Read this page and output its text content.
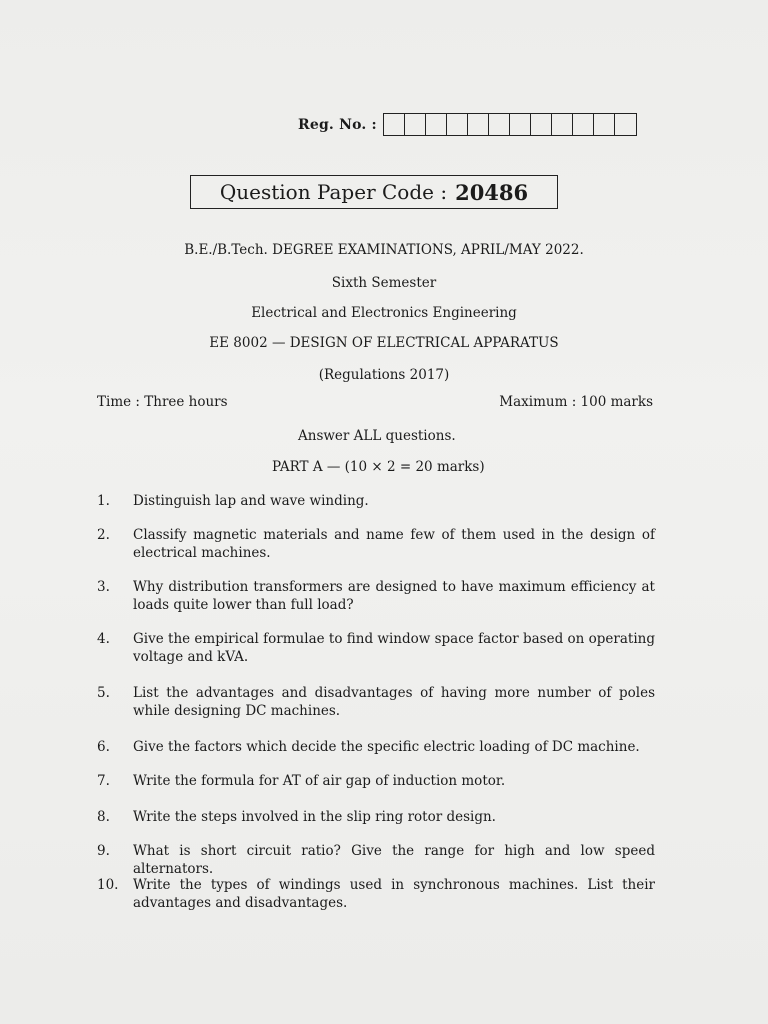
Reg. No. :
Question Paper Code : 20486
B.E./B.Tech. DEGREE EXAMINATIONS, APRIL/MAY 2022.
Sixth Semester
Electrical and Electronics Engineering
EE 8002 — DESIGN OF ELECTRICAL APPARATUS
(Regulations 2017)
Time : Three hours	Maximum : 100 marks
Answer ALL questions.
PART A — (10 × 2 = 20 marks)
1.	Distinguish lap and wave winding.
2.	Classify magnetic materials and name few of them used in the design of electrical machines.
3.	Why distribution transformers are designed to have maximum efficiency at loads quite lower than full load?
4.	Give the empirical formulae to find window space factor based on operating voltage and kVA.
5.	List the advantages and disadvantages of having more number of poles while designing DC machines.
6.	Give the factors which decide the specific electric loading of DC machine.
7.	Write the formula for AT of air gap of induction motor.
8.	Write the steps involved in the slip ring rotor design.
9.	What is short circuit ratio? Give the range for high and low speed alternators.
10.	Write the types of windings used in synchronous machines. List their advantages and disadvantages.
